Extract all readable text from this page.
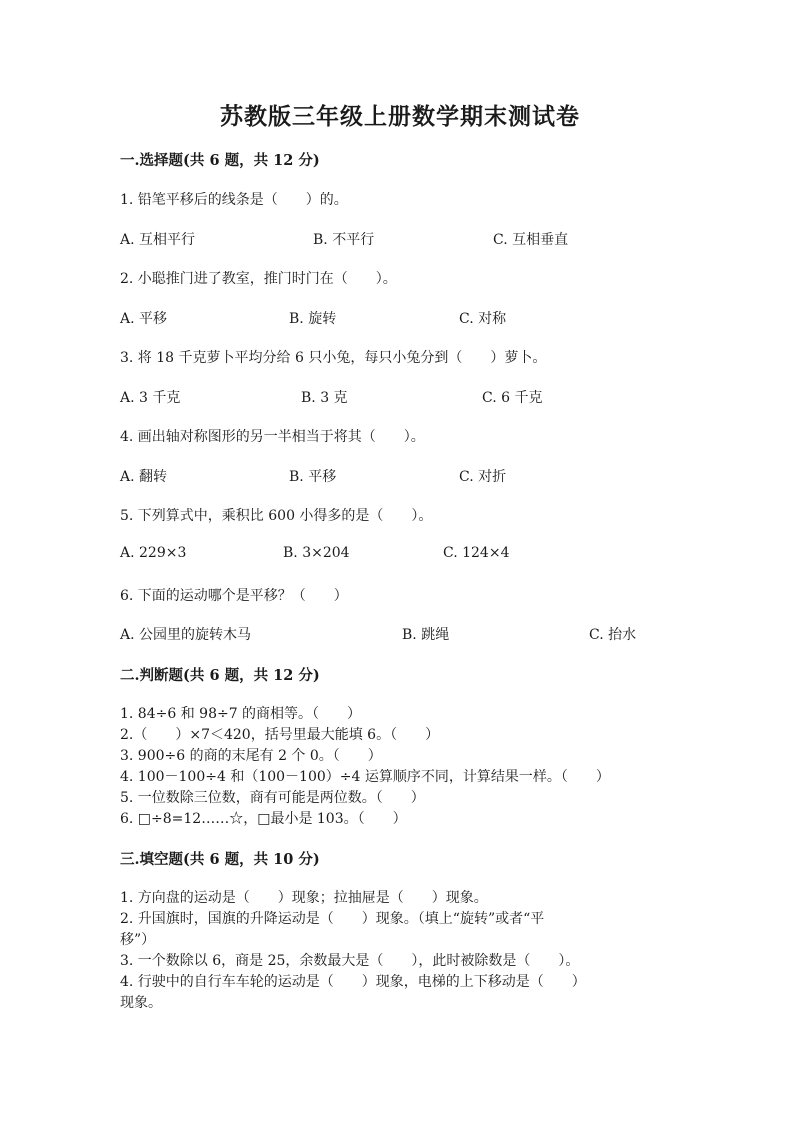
苏教版三年级上册数学期末测试卷
一.选择题(共 6 题，共 12 分)
1. 铅笔平移后的线条是（　　）的。
A. 互相平行	B. 不平行	C. 互相垂直
2. 小聪推门进了教室，推门时门在（　　）。
A. 平移	B. 旋转	C. 对称
3. 将 18 千克萝卜平均分给 6 只小兔，每只小兔分到（　　）萝卜。
A. 3 千克	B. 3 克	C. 6 千克
4. 画出轴对称图形的另一半相当于将其（　　）。
A. 翻转	B. 平移	C. 对折
5. 下列算式中，乘积比 600 小得多的是（　　）。
A. 229×3	B. 3×204	C. 124×4
6. 下面的运动哪个是平移？（　　）
A. 公园里的旋转木马	B. 跳绳	C. 抬水
二.判断题(共 6 题，共 12 分)
1. 84÷6 和 98÷7 的商相等。（　　）
2.（　　）×7＜420，括号里最大能填 6。（　　）
3. 900÷6 的商的末尾有 2 个 0。（　　）
4. 100－100÷4 和（100－100）÷4 运算顺序不同，计算结果一样。（　　）
5. 一位数除三位数，商有可能是两位数。（　　）
6. □÷8=12……☆，□最小是 103。（　　）
三.填空题(共 6 题，共 10 分)
1. 方向盘的运动是（　　）现象；拉抽屉是（　　）现象。
2. 升国旗时，国旗的升降运动是（　　）现象。（填上“旋转”或者“平
移”）
3. 一个数除以 6，商是 25，余数最大是（　　），此时被除数是（　　）。
4. 行驶中的自行车车轮的运动是（　　）现象，电梯的上下移动是（　　）
现象。
